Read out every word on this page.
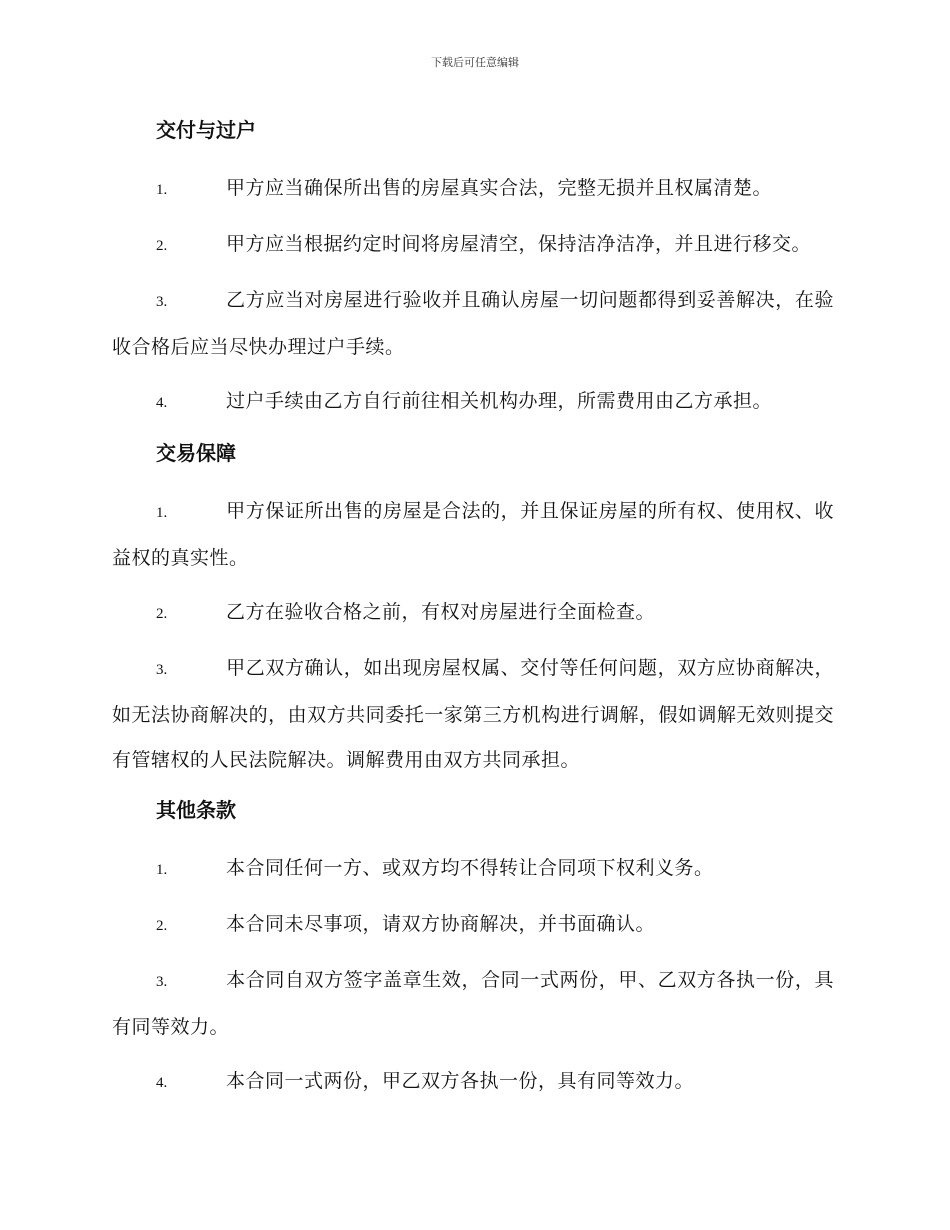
下载后可任意编辑
交付与过户

1.	甲方应当确保所出售的房屋真实合法，完整无损并且权属清楚。

2.	甲方应当根据约定时间将房屋清空，保持洁净洁净，并且进行移交。

3.	乙方应当对房屋进行验收并且确认房屋一切问题都得到妥善解决，在验收合格后应当尽快办理过户手续。

4.	过户手续由乙方自行前往相关机构办理，所需费用由乙方承担。

交易保障

1.	甲方保证所出售的房屋是合法的，并且保证房屋的所有权、使用权、收益权的真实性。

2.	乙方在验收合格之前，有权对房屋进行全面检查。

3.	甲乙双方确认，如出现房屋权属、交付等任何问题，双方应协商解决，如无法协商解决的，由双方共同委托一家第三方机构进行调解，假如调解无效则提交有管辖权的人民法院解决。调解费用由双方共同承担。

其他条款

1.	本合同任何一方、或双方均不得转让合同项下权利义务。

2.	本合同未尽事项，请双方协商解决，并书面确认。

3.	本合同自双方签字盖章生效，合同一式两份，甲、乙双方各执一份，具有同等效力。

4.	本合同一式两份，甲乙双方各执一份，具有同等效力。
